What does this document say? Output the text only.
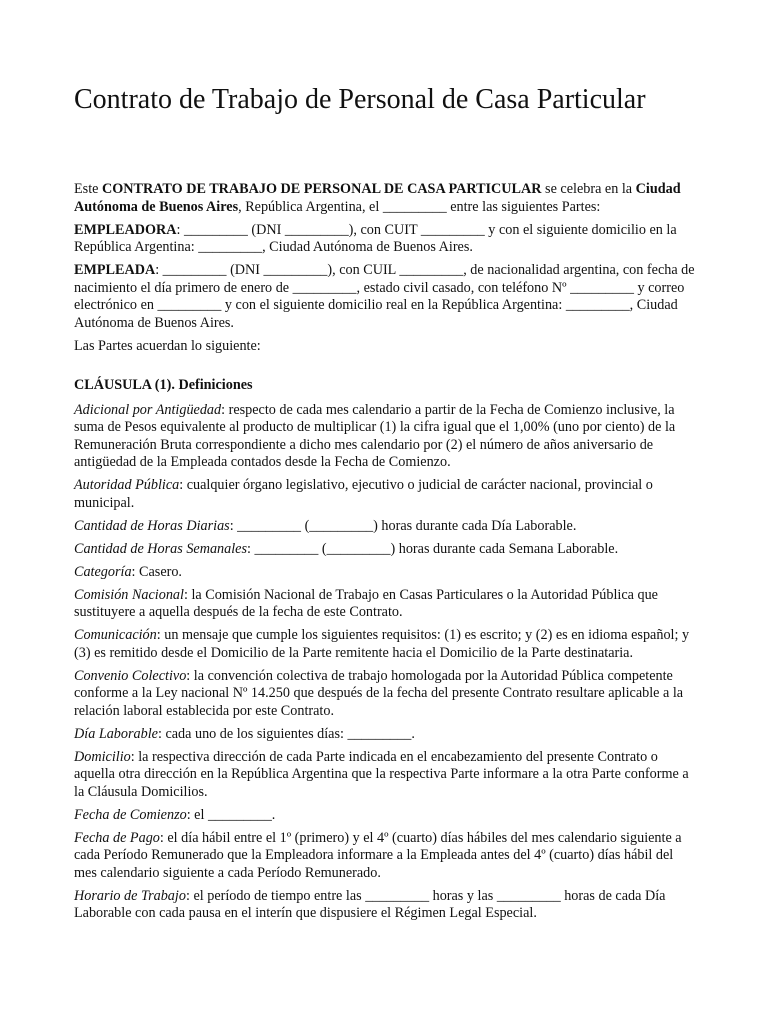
Contrato de Trabajo de Personal de Casa Particular

Este CONTRATO DE TRABAJO DE PERSONAL DE CASA PARTICULAR se celebra en la Ciudad Autónoma de Buenos Aires, República Argentina, el _________ entre las siguientes Partes:

EMPLEADORA: _________ (DNI _________), con CUIT _________ y con el siguiente domicilio en la República Argentina: _________, Ciudad Autónoma de Buenos Aires.

EMPLEADA: _________ (DNI _________), con CUIL _________, de nacionalidad argentina, con fecha de nacimiento el día primero de enero de _________, estado civil casado, con teléfono Nº _________ y correo electrónico en _________ y con el siguiente domicilio real en la República Argentina: _________, Ciudad Autónoma de Buenos Aires.

Las Partes acuerdan lo siguiente:

CLÁUSULA (1). Definiciones

Adicional por Antigüedad: respecto de cada mes calendario a partir de la Fecha de Comienzo inclusive, la suma de Pesos equivalente al producto de multiplicar (1) la cifra igual que el 1,00% (uno por ciento) de la Remuneración Bruta correspondiente a dicho mes calendario por (2) el número de años aniversario de antigüedad de la Empleada contados desde la Fecha de Comienzo.

Autoridad Pública: cualquier órgano legislativo, ejecutivo o judicial de carácter nacional, provincial o municipal.

Cantidad de Horas Diarias: _________ (_________) horas durante cada Día Laborable.

Cantidad de Horas Semanales: _________ (_________) horas durante cada Semana Laborable.

Categoría: Casero.

Comisión Nacional: la Comisión Nacional de Trabajo en Casas Particulares o la Autoridad Pública que sustituyere a aquella después de la fecha de este Contrato.

Comunicación: un mensaje que cumple los siguientes requisitos: (1) es escrito; y (2) es en idioma español; y (3) es remitido desde el Domicilio de la Parte remitente hacia el Domicilio de la Parte destinataria.

Convenio Colectivo: la convención colectiva de trabajo homologada por la Autoridad Pública competente conforme a la Ley nacional Nº 14.250 que después de la fecha del presente Contrato resultare aplicable a la relación laboral establecida por este Contrato.

Día Laborable: cada uno de los siguientes días: _________.

Domicilio: la respectiva dirección de cada Parte indicada en el encabezamiento del presente Contrato o aquella otra dirección en la República Argentina que la respectiva Parte informare a la otra Parte conforme a la Cláusula Domicilios.

Fecha de Comienzo: el _________.

Fecha de Pago: el día hábil entre el 1º (primero) y el 4º (cuarto) días hábiles del mes calendario siguiente a cada Período Remunerado que la Empleadora informare a la Empleada antes del 4º (cuarto) días hábil del mes calendario siguiente a cada Período Remunerado.

Horario de Trabajo: el período de tiempo entre las _________ horas y las _________ horas de cada Día Laborable con cada pausa en el interín que dispusiere el Régimen Legal Especial.
